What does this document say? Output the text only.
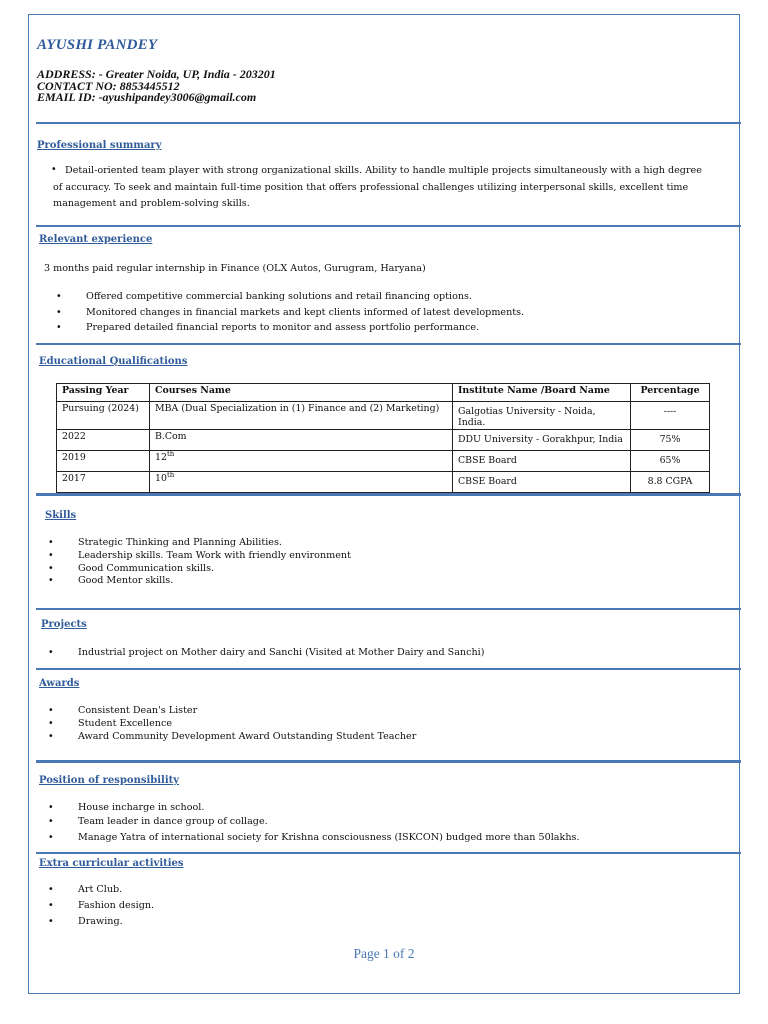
AYUSHI PANDEY
ADDRESS: - Greater Noida, UP, India - 203201
CONTACT NO: 8853445512
EMAIL ID: -ayushipandey3006@gmail.com
Professional summary
• Detail-oriented team player with strong organizational skills. Ability to handle multiple projects simultaneously with a high degree
of accuracy. To seek and maintain full-time position that offers professional challenges utilizing interpersonal skills, excellent time
management and problem-solving skills.
Relevant experience
3 months paid regular internship in Finance (OLX Autos, Gurugram, Haryana)
• Offered competitive commercial banking solutions and retail financing options.
• Monitored changes in financial markets and kept clients informed of latest developments.
• Prepared detailed financial reports to monitor and assess portfolio performance.
Educational Qualifications
Passing Year	Courses Name	Institute Name /Board Name	Percentage
Pursuing (2024)	MBA (Dual Specialization in (1) Finance and (2) Marketing)	Galgotias University - Noida, India.	----
2022	B.Com	DDU University - Gorakhpur, India	75%
2019	12th	CBSE Board	65%
2017	10th	CBSE Board	8.8 CGPA
Skills
• Strategic Thinking and Planning Abilities.
• Leadership skills. Team Work with friendly environment
• Good Communication skills.
• Good Mentor skills.
Projects
• Industrial project on Mother dairy and Sanchi (Visited at Mother Dairy and Sanchi)
Awards
• Consistent Dean's Lister
• Student Excellence
• Award Community Development Award Outstanding Student Teacher
Position of responsibility
• House incharge in school.
• Team leader in dance group of collage.
• Manage Yatra of international society for Krishna consciousness (ISKCON) budged more than 50lakhs.
Extra curricular activities
• Art Club.
• Fashion design.
• Drawing.
Page 1 of 2
